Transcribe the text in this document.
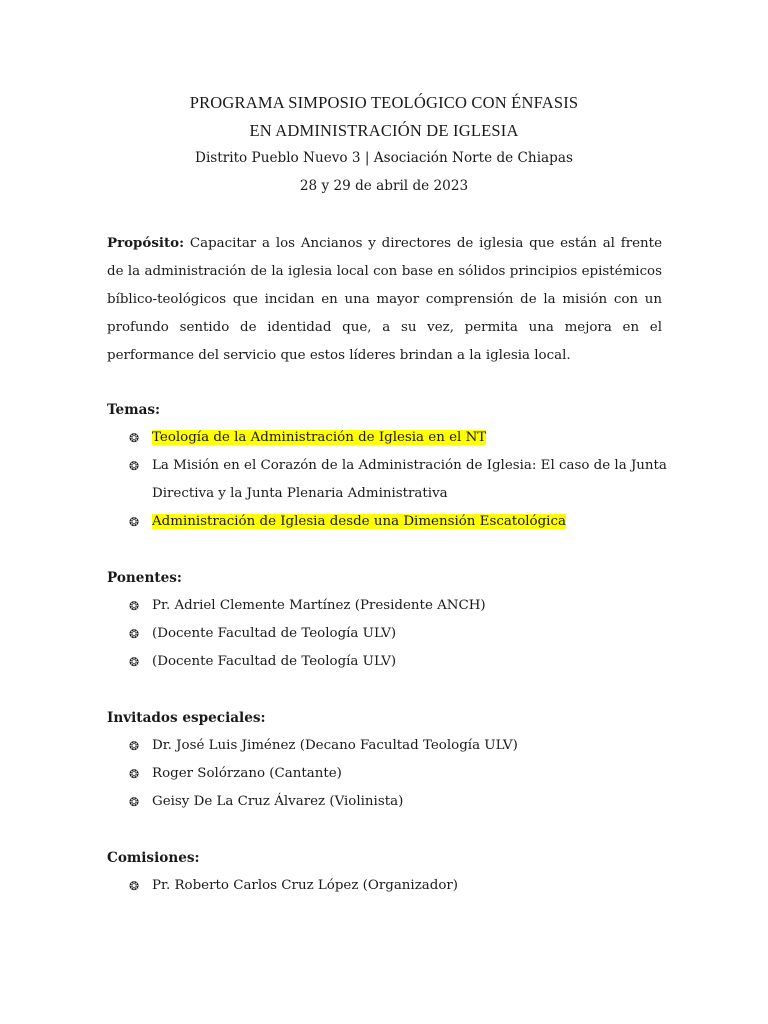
PROGRAMA SIMPOSIO TEOLÓGICO CON ÉNFASIS
EN ADMINISTRACIÓN DE IGLESIA
Distrito Pueblo Nuevo 3 | Asociación Norte de Chiapas
28 y 29 de abril de 2023
Propósito: Capacitar a los Ancianos y directores de iglesia que están al frente de la administración de la iglesia local con base en sólidos principios epistémicos bíblico-teológicos que incidan en una mayor comprensión de la misión con un profundo sentido de identidad que, a su vez, permita una mejora en el performance del servicio que estos líderes brindan a la iglesia local.
Temas:
❂ Teología de la Administración de Iglesia en el NT
❂ La Misión en el Corazón de la Administración de Iglesia: El caso de la Junta Directiva y la Junta Plenaria Administrativa
❂ Administración de Iglesia desde una Dimensión Escatológica
Ponentes:
❂ Pr. Adriel Clemente Martínez (Presidente ANCH)
❂ (Docente Facultad de Teología ULV)
❂ (Docente Facultad de Teología ULV)
Invitados especiales:
❂ Dr. José Luis Jiménez (Decano Facultad Teología ULV)
❂ Roger Solórzano (Cantante)
❂ Geisy De La Cruz Álvarez (Violinista)
Comisiones:
❂ Pr. Roberto Carlos Cruz López (Organizador)
